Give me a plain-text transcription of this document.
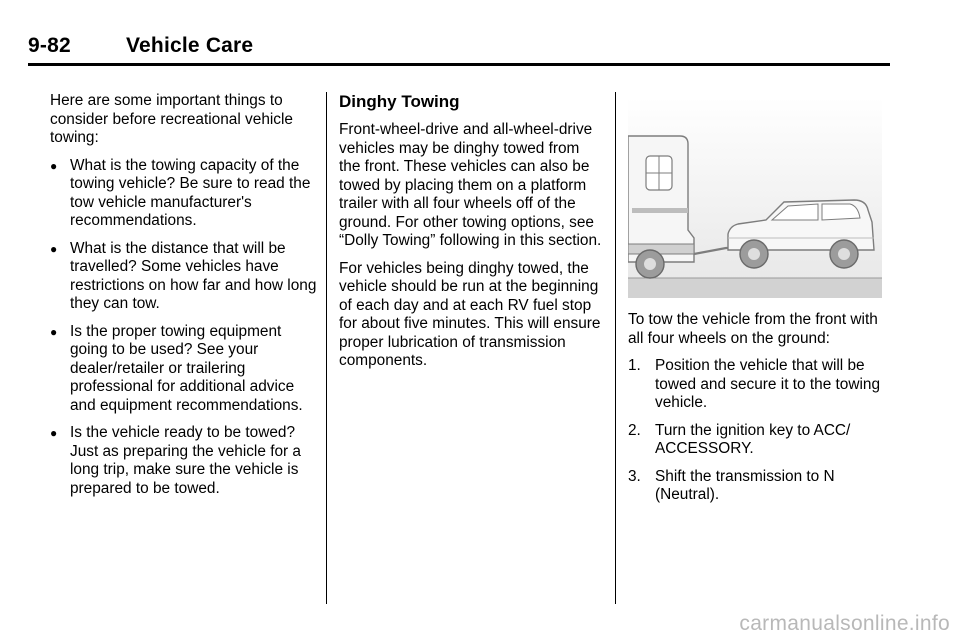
9-82	Vehicle Care

Here are some important things to consider before recreational vehicle towing:

● What is the towing capacity of the towing vehicle? Be sure to read the tow vehicle manufacturer's recommendations.
● What is the distance that will be travelled? Some vehicles have restrictions on how far and how long they can tow.
● Is the proper towing equipment going to be used? See your dealer/retailer or trailering professional for additional advice and equipment recommendations.
● Is the vehicle ready to be towed? Just as preparing the vehicle for a long trip, make sure the vehicle is prepared to be towed.
Dinghy Towing

Front-wheel-drive and all-wheel-drive vehicles may be dinghy towed from the front. These vehicles can also be towed by placing them on a platform trailer with all four wheels off of the ground. For other towing options, see “Dolly Towing” following in this section.

For vehicles being dinghy towed, the vehicle should be run at the beginning of each day and at each RV fuel stop for about five minutes. This will ensure proper lubrication of transmission components.

To tow the vehicle from the front with all four wheels on the ground:

1. Position the vehicle that will be towed and secure it to the towing vehicle.
2. Turn the ignition key to ACC/ ACCESSORY.
3. Shift the transmission to N (Neutral).
carmanualsonline.info
